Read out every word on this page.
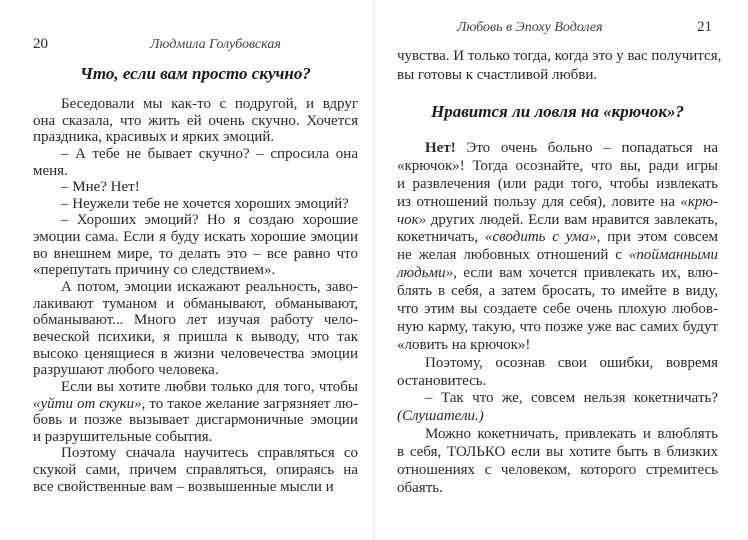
20	Людмила Голубовская
Что, если вам просто скучно?
Беседовали мы как-то с подругой, и вдруг
она сказала, что жить ей очень скучно. Хочется
праздника, красивых и ярких эмоций.
– А тебе не бывает скучно? – спросила она
меня.
– Мне? Нет!
– Неужели тебе не хочется хороших эмоций?
– Хороших эмоций? Но я создаю хорошие
эмоции сама. Если я буду искать хорошие эмоции
во внешнем мире, то делать это – все равно что
«перепутать причину со следствием».
А потом, эмоции искажают реальность, заво-
лакивают туманом и обманывают, обманывают,
обманывают... Много лет изучая работу чело-
веческой психики, я пришла к выводу, что так
высоко ценящиеся в жизни человечества эмоции
разрушают любого человека.
Если вы хотите любви только для того, чтобы
«уйти от скуки», то такое желание загрязняет лю-
бовь и позже вызывает дисгармоничные эмоции
и разрушительные события.
Поэтому сначала научитесь справляться со
скукой сами, причем справляться, опираясь на
все свойственные вам – возвышенные мысли и
Любовь в Эпоху Водолея	21
чувства. И только тогда, когда это у вас получится,
вы готовы к счастливой любви.
Нравится ли ловля на «крючок»?
Нет! Это очень больно – попадаться на
«крючок»! Тогда осознайте, что вы, ради игры
и развлечения (или ради того, чтобы извлекать
из отношений пользу для себя), ловите на «крю-
чок» других людей. Если вам нравится завлекать,
кокетничать, «сводить с ума», при этом совсем
не желая любовных отношений с «пойманными
людьми», если вам хочется привлекать их, влю-
блять в себя, а затем бросать, то имейте в виду,
что этим вы создаете себе очень плохую любов-
ную карму, такую, что позже уже вас самих будут
«ловить на крючок»!
Поэтому, осознав свои ошибки, вовремя
остановитесь.
– Так что же, совсем нельзя кокетничать?
(Слушатели.)
Можно кокетничать, привлекать и влюблять
в себя, ТОЛЬКО если вы хотите быть в близких
отношениях с человеком, которого стремитесь
обаять.
